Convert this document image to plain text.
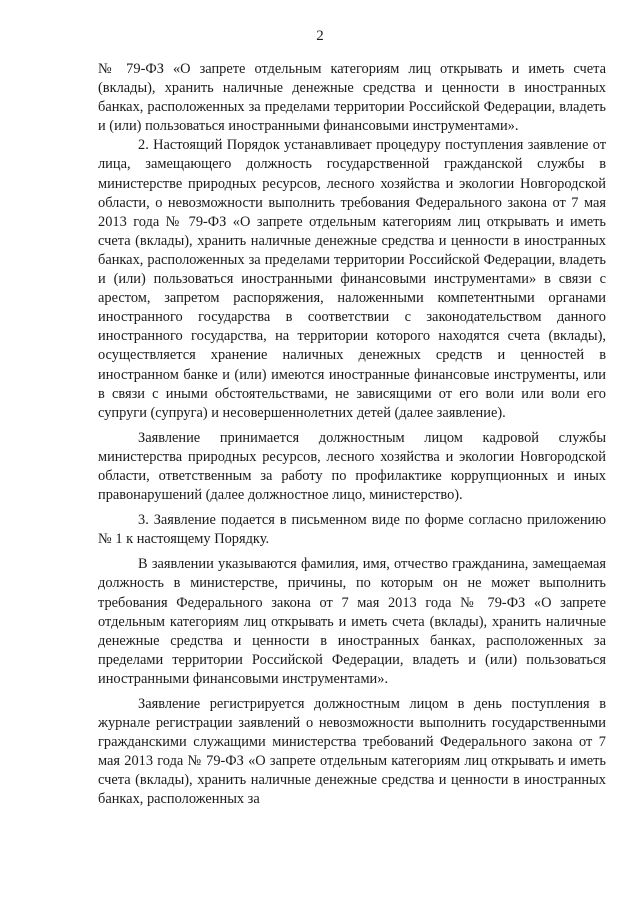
2

№ 79-ФЗ «О запрете отдельным категориям лиц открывать и иметь счета (вклады), хранить наличные денежные средства и ценности в иностранных банках, расположенных за пределами территории Российской Федерации, владеть и (или) пользоваться иностранными финансовыми инструментами».

2. Настоящий Порядок устанавливает процедуру поступления заявление от лица, замещающего должность государственной гражданской службы в министерстве природных ресурсов, лесного хозяйства и экологии Новгородской области, о невозможности выполнить требования Федерального закона от 7 мая 2013 года № 79-ФЗ «О запрете отдельным категориям лиц открывать и иметь счета (вклады), хранить наличные денежные средства и ценности в иностранных банках, расположенных за пределами территории Российской Федерации, владеть и (или) пользоваться иностранными финансовыми инструментами» в связи с арестом, запретом распоряжения, наложенными компетентными органами иностранного государства в соответствии с законодательством данного иностранного государства, на территории которого находятся счета (вклады), осуществляется хранение наличных денежных средств и ценностей в иностранном банке и (или) имеются иностранные финансовые инструменты, или в связи с иными обстоятельствами, не зависящими от его воли или воли его супруги (супруга) и несовершеннолетних детей (далее заявление).

Заявление принимается должностным лицом кадровой службы министерства природных ресурсов, лесного хозяйства и экологии Новгородской области, ответственным за работу по профилактике коррупционных и иных правонарушений (далее должностное лицо, министерство).

3. Заявление подается в письменном виде по форме согласно приложению № 1 к настоящему Порядку.

В заявлении указываются фамилия, имя, отчество гражданина, замещаемая должность в министерстве, причины, по которым он не может выполнить требования Федерального закона от 7 мая 2013 года № 79-ФЗ «О запрете отдельным категориям лиц открывать и иметь счета (вклады), хранить наличные денежные средства и ценности в иностранных банках, расположенных за пределами территории Российской Федерации, владеть и (или) пользоваться иностранными финансовыми инструментами».

Заявление регистрируется должностным лицом в день поступления в журнале регистрации заявлений о невозможности выполнить государственными гражданскими служащими министерства требований Федерального закона от 7 мая 2013 года № 79-ФЗ «О запрете отдельным категориям лиц открывать и иметь счета (вклады), хранить наличные денежные средства и ценности в иностранных банках, расположенных за
